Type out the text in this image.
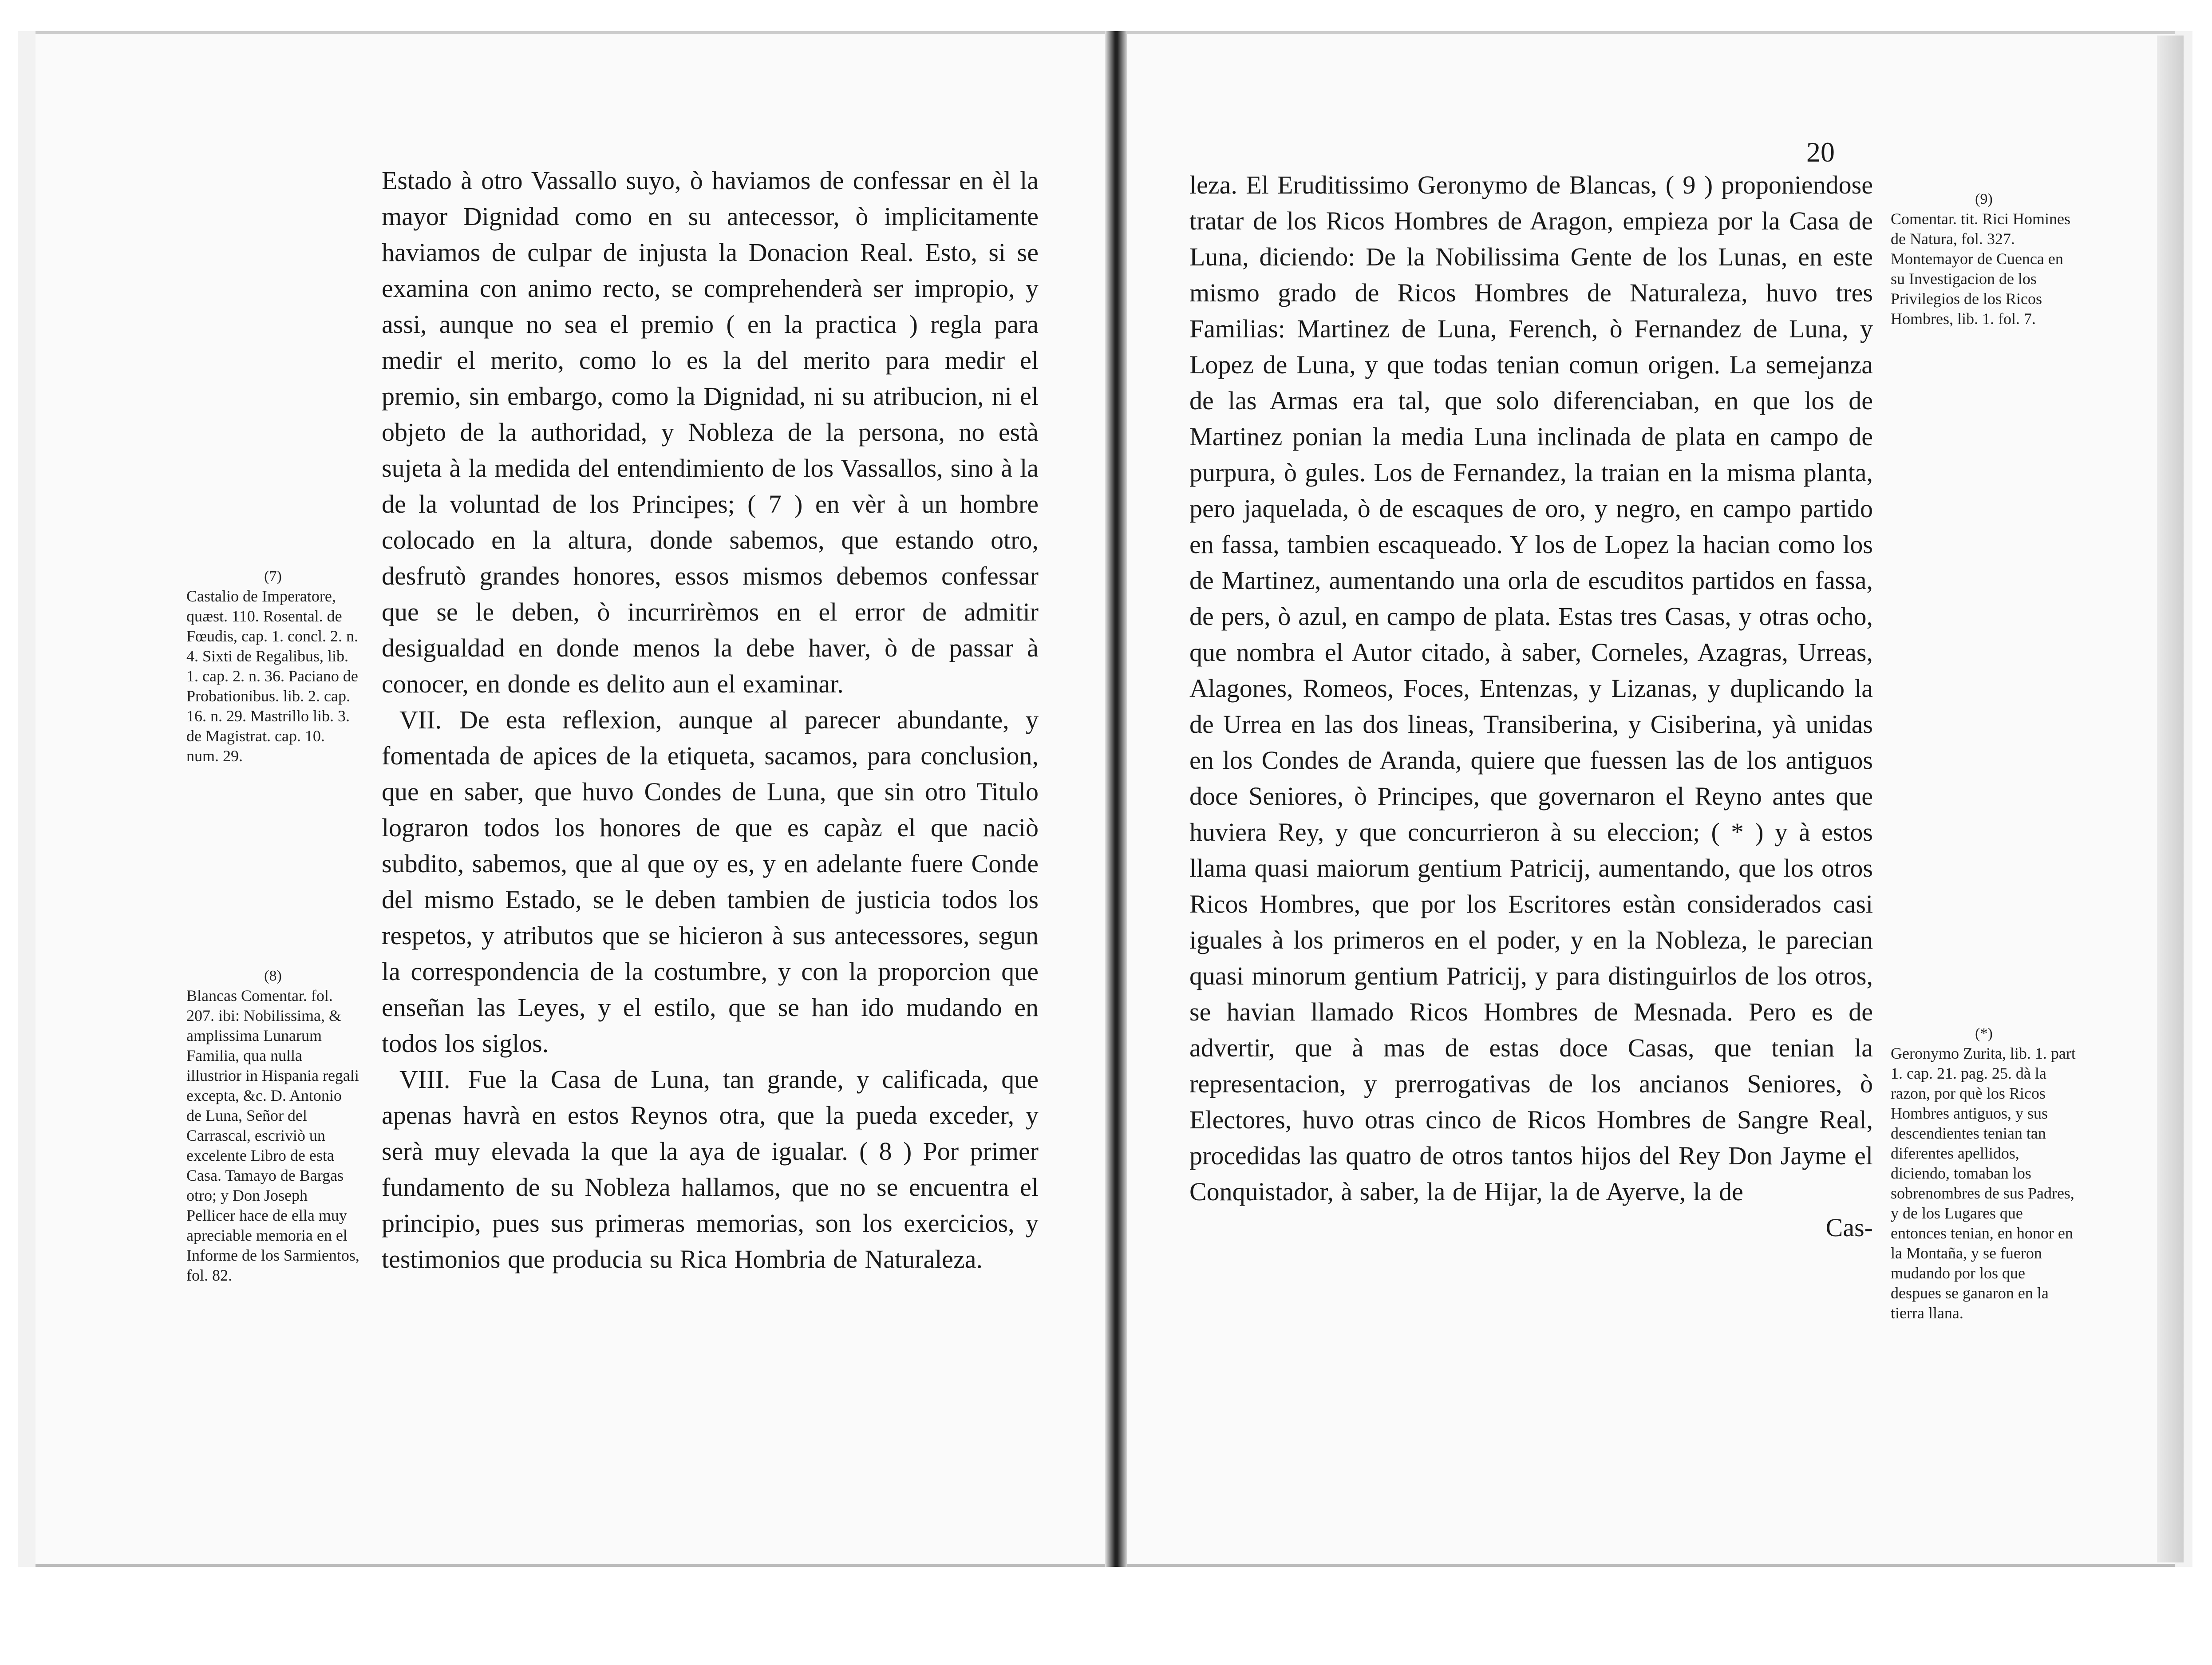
(7)
Castalio de Imperatore, quæst. 110. Rosental. de Fœudis, cap. 1. concl. 2. n. 4. Sixti de Regalibus, lib. 1. cap. 2. n. 36. Paciano de Probationibus. lib. 2. cap. 16. n. 29. Mastrillo lib. 3. de Magistrat. cap. 10. num. 29.
(8)
Blancas Comentar. fol. 207. ibi: Nobilissima, & amplissima Lunarum Familia, qua nulla illustrior in Hispania regali excepta, &c. D. Antonio de Luna, Señor del Carrascal, escriviò un excelente Libro de esta Casa. Tamayo de Bargas otro; y Don Joseph Pellicer hace de ella muy apreciable memoria en el Informe de los Sarmientos, fol. 82.

Estado à otro Vassallo suyo, ò haviamos de confessar en èl la mayor Dignidad como en su antecessor, ò implicitamente haviamos de culpar de injusta la Donacion Real. Esto, si se examina con animo recto, se comprehenderà ser impropio, y assi, aunque no sea el premio ( en la practica ) regla para medir el merito, como lo es la del merito para medir el premio, sin embargo, como la Dignidad, ni su atribucion, ni el objeto de la authoridad, y Nobleza de la persona, no està sujeta à la medida del entendimiento de los Vassallos, sino à la de la voluntad de los Principes; ( 7 ) en vèr à un hombre colocado en la altura, donde sabemos, que estando otro, desfrutò grandes honores, essos mismos debemos confessar que se le deben, ò incurrirèmos en el error de admitir desigualdad en donde menos la debe haver, ò de passar à conocer, en donde es delito aun el examinar.

VII. De esta reflexion, aunque al parecer abundante, y fomentada de apices de la etiqueta, sacamos, para conclusion, que en saber, que huvo Condes de Luna, que sin otro Titulo lograron todos los honores de que es capàz el que naciò subdito, sabemos, que al que oy es, y en adelante fuere Conde del mismo Estado, se le deben tambien de justicia todos los respetos, y atributos que se hicieron à sus antecessores, segun la correspondencia de la costumbre, y con la proporcion que enseñan las Leyes, y el estilo, que se han ido mudando en todos los siglos.

VIII. Fue la Casa de Luna, tan grande, y calificada, que apenas havrà en estos Reynos otra, que la pueda exceder, y serà muy elevada la que la aya de igualar. ( 8 ) Por primer fundamento de su Nobleza hallamos, que no se encuentra el principio, pues sus primeras memorias, son los exercicios, y testimonios que producia su Rica Hombria de Naturaleza.

20

leza. El Eruditissimo Geronymo de Blancas, ( 9 ) proponiendose tratar de los Ricos Hombres de Aragon, empieza por la Casa de Luna, diciendo: De la Nobilissima Gente de los Lunas, en este mismo grado de Ricos Hombres de Naturaleza, huvo tres Familias: Martinez de Luna, Ferench, ò Fernandez de Luna, y Lopez de Luna, y que todas tenian comun origen. La semejanza de las Armas era tal, que solo diferenciaban, en que los de Martinez ponian la media Luna inclinada de plata en campo de purpura, ò gules. Los de Fernandez, la traian en la misma planta, pero jaquelada, ò de escaques de oro, y negro, en campo partido en fassa, tambien escaqueado. Y los de Lopez la hacian como los de Martinez, aumentando una orla de escuditos partidos en fassa, de pers, ò azul, en campo de plata. Estas tres Casas, y otras ocho, que nombra el Autor citado, à saber, Corneles, Azagras, Urreas, Alagones, Romeos, Foces, Entenzas, y Lizanas, y duplicando la de Urrea en las dos lineas, Transiberina, y Cisiberina, yà unidas en los Condes de Aranda, quiere que fuessen las de los antiguos doce Seniores, ò Principes, que governaron el Reyno antes que huviera Rey, y que concurrieron à su eleccion; ( * ) y à estos llama quasi maiorum gentium Patricij, aumentando, que los otros Ricos Hombres, que por los Escritores estàn considerados casi iguales à los primeros en el poder, y en la Nobleza, le parecian quasi minorum gentium Patricij, y para distinguirlos de los otros, se havian llamado Ricos Hombres de Mesnada. Pero es de advertir, que à mas de estas doce Casas, que tenian la representacion, y prerrogativas de los ancianos Seniores, ò Electores, huvo otras cinco de Ricos Hombres de Sangre Real, procedidas las quatro de otros tantos hijos del Rey Don Jayme el Conquistador, à saber, la de Hijar, la de Ayerve, la de

Cas-

(9)
Comentar. tit. Rici Homines de Natura, fol. 327. Montemayor de Cuenca en su Investigacion de los Privilegios de los Ricos Hombres, lib. 1. fol. 7.
(*)
Geronymo Zurita, lib. 1. part 1. cap. 21. pag. 25. dà la razon, por què los Ricos Hombres antiguos, y sus descendientes tenian tan diferentes apellidos, diciendo, tomaban los sobrenombres de sus Padres, y de los Lugares que entonces tenian, en honor en la Montaña, y se fueron mudando por los que despues se ganaron en la tierra llana.
